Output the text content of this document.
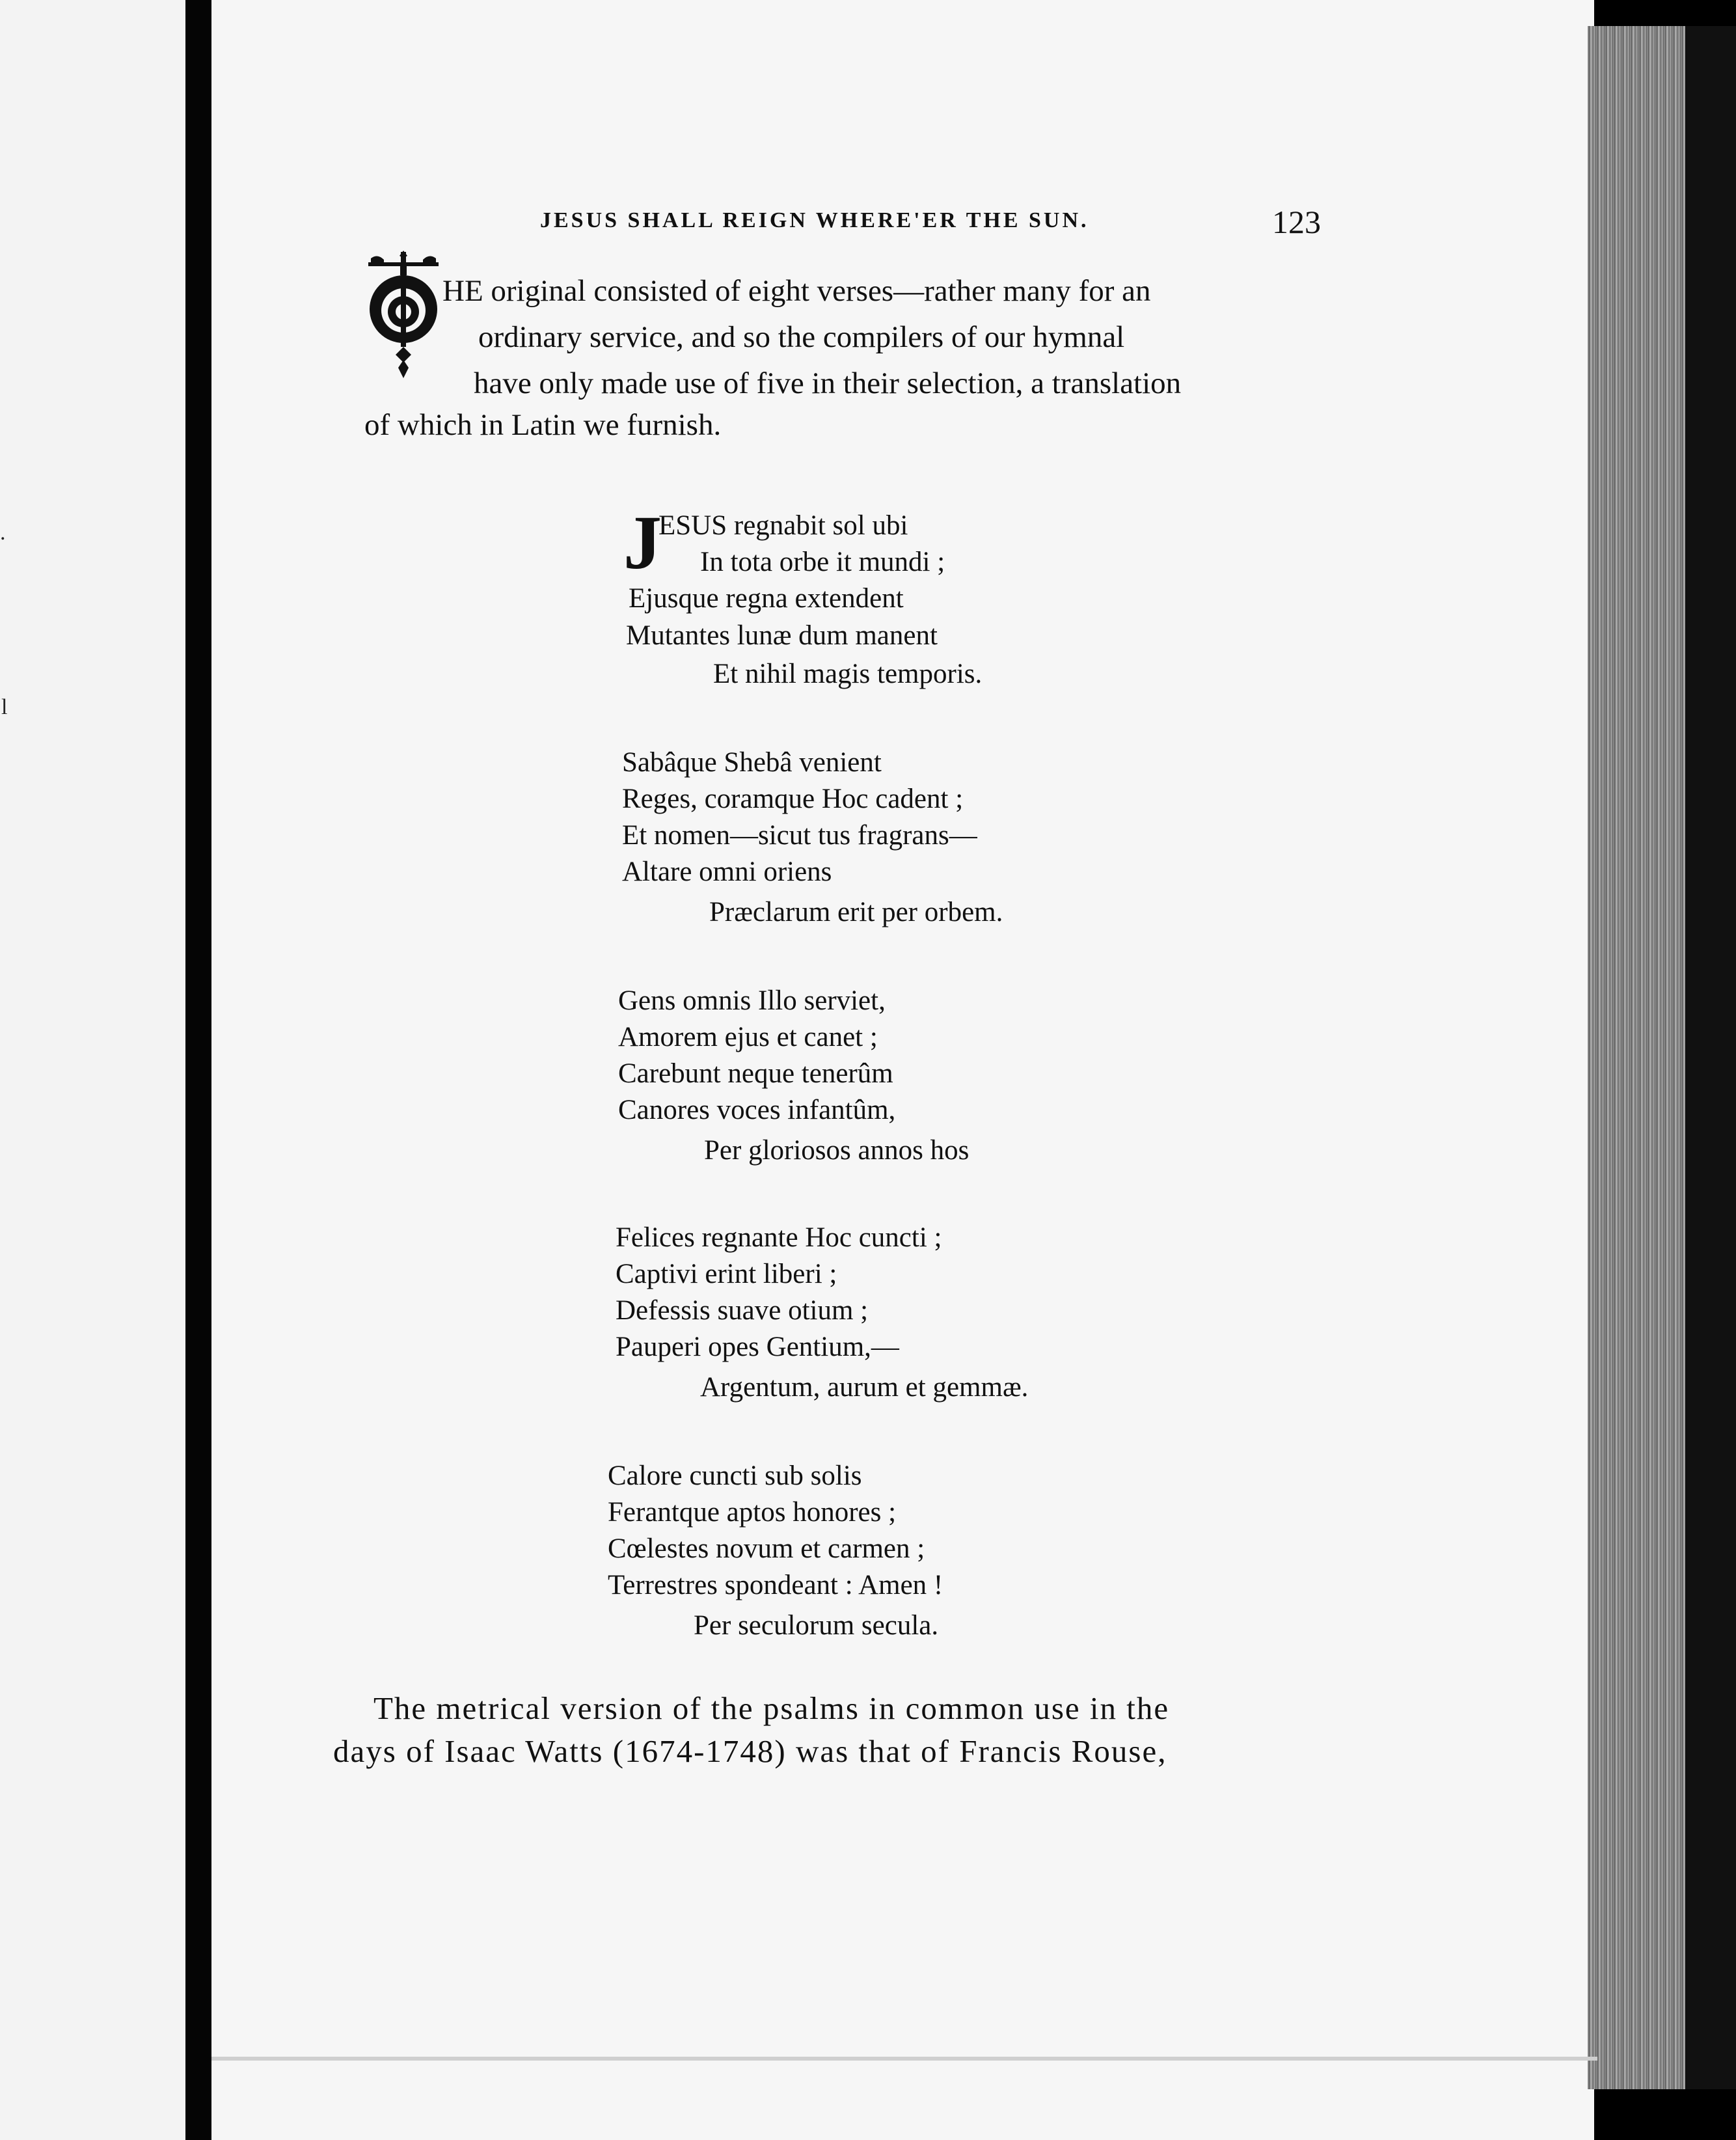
.
l
JESUS SHALL REIGN WHERE'ER THE SUN.	123
HE original consisted of eight verses—rather many for an
ordinary service, and so the compilers of our hymnal
have only made use of five in their selection, a translation
of which in Latin we furnish.
J
ESUS regnabit sol ubi
In tota orbe it mundi ;
Ejusque regna extendent
Mutantes lunæ dum manent
Et nihil magis temporis.
Sabâque Shebâ venient
Reges, coramque Hoc cadent ;
Et nomen—sicut tus fragrans—
Altare omni oriens
Præclarum erit per orbem.
Gens omnis Illo serviet,
Amorem ejus et canet ;
Carebunt neque tenerûm
Canores voces infantûm,
Per gloriosos annos hos
Felices regnante Hoc cuncti ;
Captivi erint liberi ;
Defessis suave otium ;
Pauperi opes Gentium,—
Argentum, aurum et gemmæ.
Calore cuncti sub solis
Ferantque aptos honores ;
Cœlestes novum et carmen ;
Terrestres spondeant : Amen !
Per seculorum secula.
The metrical version of the psalms in common use in the
days of Isaac Watts (1674-1748) was that of Francis Rouse,
